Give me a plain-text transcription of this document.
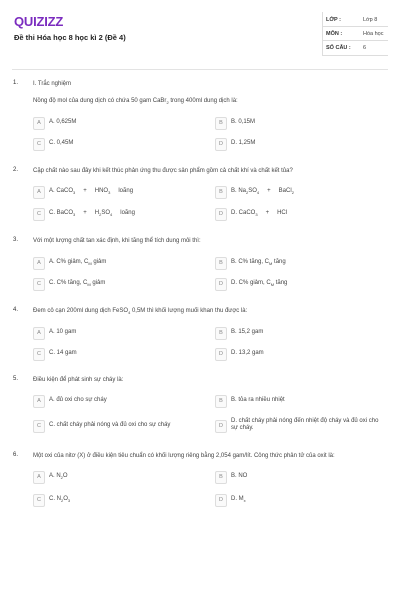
QUIZIZZ
Đề thi Hóa học 8 học kì 2 (Đề 4)
LỚP :	Lớp 8
MÔN :	Hóa học
SỐ CÂU : 6
1. I. Trắc nghiệm
Nồng độ mol của dung dịch có chứa 50 gam CaBr$_2$ trong 400ml dung dịch là:
A	A. 0,625M	B	B. 0,15M
C	C. 0,45M	D	D. 1,25M
2. Cặp chất nào sau đây khi kết thúc phản ứng thu được sản phẩm gồm cả chất khí và chất kết tủa?
A	A. CaCO$_3$ + $HNO_3$ loãng	B	B. $Na_2SO_4$ + BaCl$_2$
C	C. BaCO$_3$ + $H_2SO_4$ loãng	D	D. CaCO$_3$ + HCl
3. Với một lượng chất tan xác định, khi tăng thể tích dung môi thì:
A	A. C% giảm, $C_M$ giảm	B	B. C% tăng, $C_M$ tăng
C	C. C% tăng, $C_M$ giảm	D	D. C% giảm, $C_M$ tăng
4. Đem cô cạn 200ml dung dịch FeSO$_4$ 0,5M thì khối lượng muối khan thu được là:
A	A. 10 gam	B	B. 15,2 gam
C	C. 14 gam	D	D. 13,2 gam
5. Điều kiện để phát sinh sự cháy là:
A	A. đủ oxi cho sự cháy	B	B. tỏa ra nhiều nhiệt
C	C. chất cháy phải nóng và đủ oxi cho sự cháy	D
D. chất cháy phải nóng đến nhiệt độ cháy và đủ oxi cho sự cháy.
6. Một oxi của nitơ (X) ở điều kiện tiêu chuẩn có khối lượng riêng bằng 2,054 gam/lít. Công thức phân tử của oxit là:
A	A. $N_2O$	B	B. NO
C	C. $N_2O_3$	D	D. $M_x$
